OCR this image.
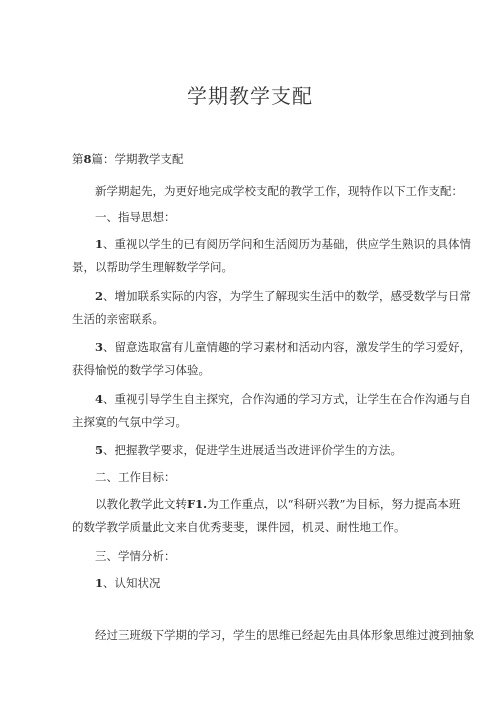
学期教学支配
第8篇：学期教学支配
新学期起先，为更好地完成学校支配的教学工作，现特作以下工作支配：
一、指导思想：
1、重视以学生的已有阅历学问和生活阅历为基础，供应学生熟识的具体情
景，以帮助学生理解数学学问。
2、增加联系实际的内容，为学生了解现实生活中的数学，感受数学与日常
生活的亲密联系。
3、留意选取富有儿童情趣的学习素材和活动内容，激发学生的学习爱好，
获得愉悦的数学学习体验。
4、重视引导学生自主探究，合作沟通的学习方式，让学生在合作沟通与自
主探寞的气氛中学习。
5、把握教学要求，促进学生进展适当改进评价学生的方法。
二、工作目标：
以教化教学此文转F1.为工作重点，以“科研兴教”为目标，努力提高本班
的数学教学质量此文来自优秀斐斐，课件园，机灵、耐性地工作。
三、学情分析：
1、认知状况
经过三班级下学期的学习，学生的思维已经起先由具体形象思维过渡到抽象
